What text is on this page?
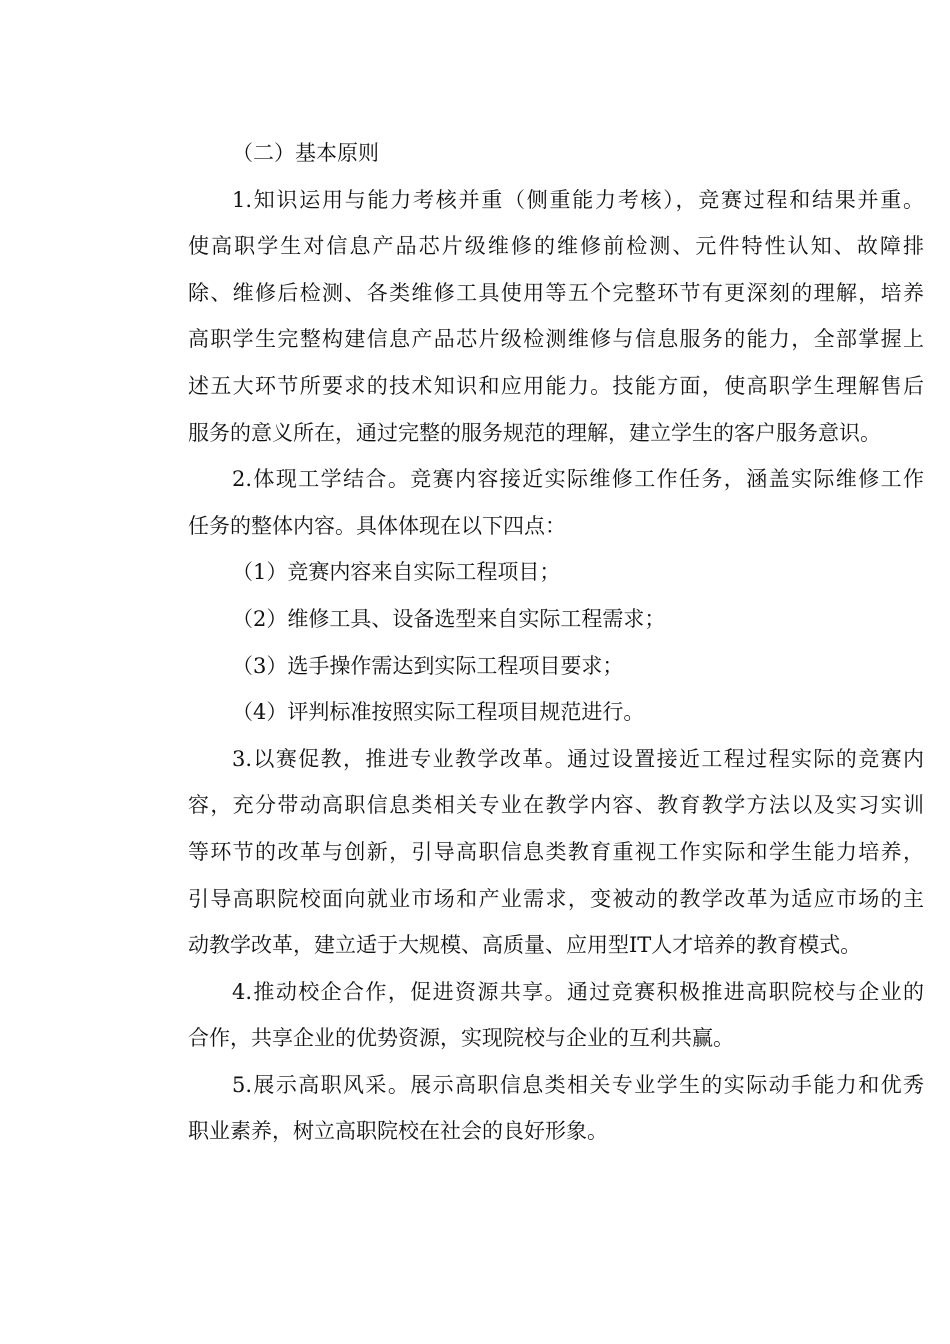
（二）基本原则

1.知识运用与能力考核并重（侧重能力考核），竞赛过程和结果并重。
使高职学生对信息产品芯片级维修的维修前检测、元件特性认知、故障排
除、维修后检测、各类维修工具使用等五个完整环节有更深刻的理解，培养
高职学生完整构建信息产品芯片级检测维修与信息服务的能力，全部掌握上
述五大环节所要求的技术知识和应用能力。技能方面，使高职学生理解售后
服务的意义所在，通过完整的服务规范的理解，建立学生的客户服务意识。
2.体现工学结合。竞赛内容接近实际维修工作任务，涵盖实际维修工作
任务的整体内容。具体体现在以下四点：
（1）竞赛内容来自实际工程项目；
（2）维修工具、设备选型来自实际工程需求；
（3）选手操作需达到实际工程项目要求；
（4）评判标准按照实际工程项目规范进行。
3.以赛促教，推进专业教学改革。通过设置接近工程过程实际的竞赛内
容，充分带动高职信息类相关专业在教学内容、教育教学方法以及实习实训
等环节的改革与创新，引导高职信息类教育重视工作实际和学生能力培养，
引导高职院校面向就业市场和产业需求，变被动的教学改革为适应市场的主
动教学改革，建立适于大规模、高质量、应用型IT人才培养的教育模式。
4.推动校企合作，促进资源共享。通过竞赛积极推进高职院校与企业的
合作，共享企业的优势资源，实现院校与企业的互利共赢。
5.展示高职风采。展示高职信息类相关专业学生的实际动手能力和优秀
职业素养，树立高职院校在社会的良好形象。
